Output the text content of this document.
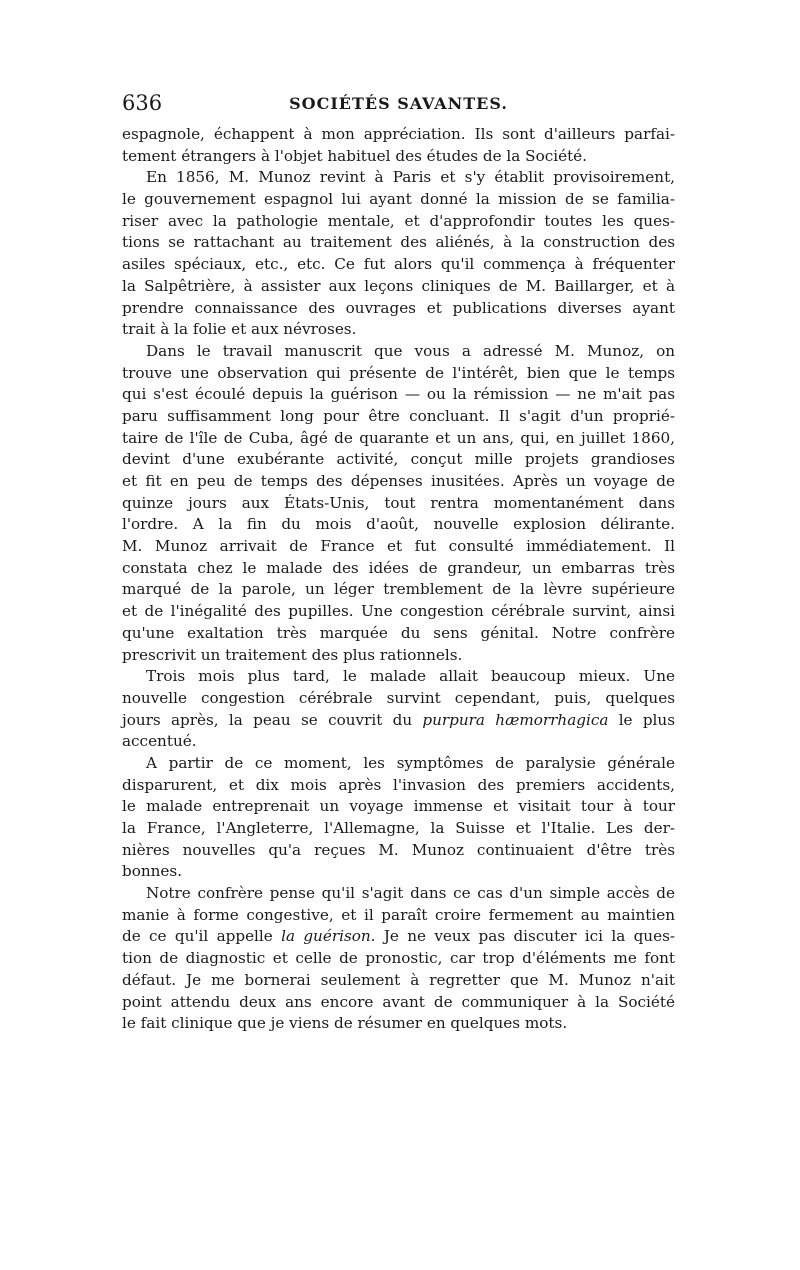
636	SOCIÉTÉS SAVANTES.
espagnole, échappent à mon appréciation. Ils sont d'ailleurs parfai-
tement étrangers à l'objet habituel des études de la Société.
En 1856, M. Munoz revint à Paris et s'y établit provisoirement,
le gouvernement espagnol lui ayant donné la mission de se familia-
riser avec la pathologie mentale, et d'approfondir toutes les ques-
tions se rattachant au traitement des aliénés, à la construction des
asiles spéciaux, etc., etc. Ce fut alors qu'il commença à fréquenter
la Salpêtrière, à assister aux leçons cliniques de M. Baillarger, et à
prendre connaissance des ouvrages et publications diverses ayant
trait à la folie et aux névroses.
Dans le travail manuscrit que vous a adressé M. Munoz, on
trouve une observation qui présente de l'intérêt, bien que le temps
qui s'est écoulé depuis la guérison — ou la rémission — ne m'ait pas
paru suffisamment long pour être concluant. Il s'agit d'un proprié-
taire de l'île de Cuba, âgé de quarante et un ans, qui, en juillet 1860,
devint d'une exubérante activité, conçut mille projets grandioses
et fit en peu de temps des dépenses inusitées. Après un voyage de
quinze jours aux États-Unis, tout rentra momentanément dans
l'ordre. A la fin du mois d'août, nouvelle explosion délirante.
M. Munoz arrivait de France et fut consulté immédiatement. Il
constata chez le malade des idées de grandeur, un embarras très
marqué de la parole, un léger tremblement de la lèvre supérieure
et de l'inégalité des pupilles. Une congestion cérébrale survint, ainsi
qu'une exaltation très marquée du sens génital. Notre confrère
prescrivit un traitement des plus rationnels.
Trois mois plus tard, le malade allait beaucoup mieux. Une
nouvelle congestion cérébrale survint cependant, puis, quelques
jours après, la peau se couvrit du purpura hæmorrhagica le plus
accentué.
A partir de ce moment, les symptômes de paralysie générale
disparurent, et dix mois après l'invasion des premiers accidents,
le malade entreprenait un voyage immense et visitait tour à tour
la France, l'Angleterre, l'Allemagne, la Suisse et l'Italie. Les der-
nières nouvelles qu'a reçues M. Munoz continuaient d'être très
bonnes.
Notre confrère pense qu'il s'agit dans ce cas d'un simple accès de
manie à forme congestive, et il paraît croire fermement au maintien
de ce qu'il appelle la guérison. Je ne veux pas discuter ici la ques-
tion de diagnostic et celle de pronostic, car trop d'éléments me font
défaut. Je me bornerai seulement à regretter que M. Munoz n'ait
point attendu deux ans encore avant de communiquer à la Société
le fait clinique que je viens de résumer en quelques mots.
